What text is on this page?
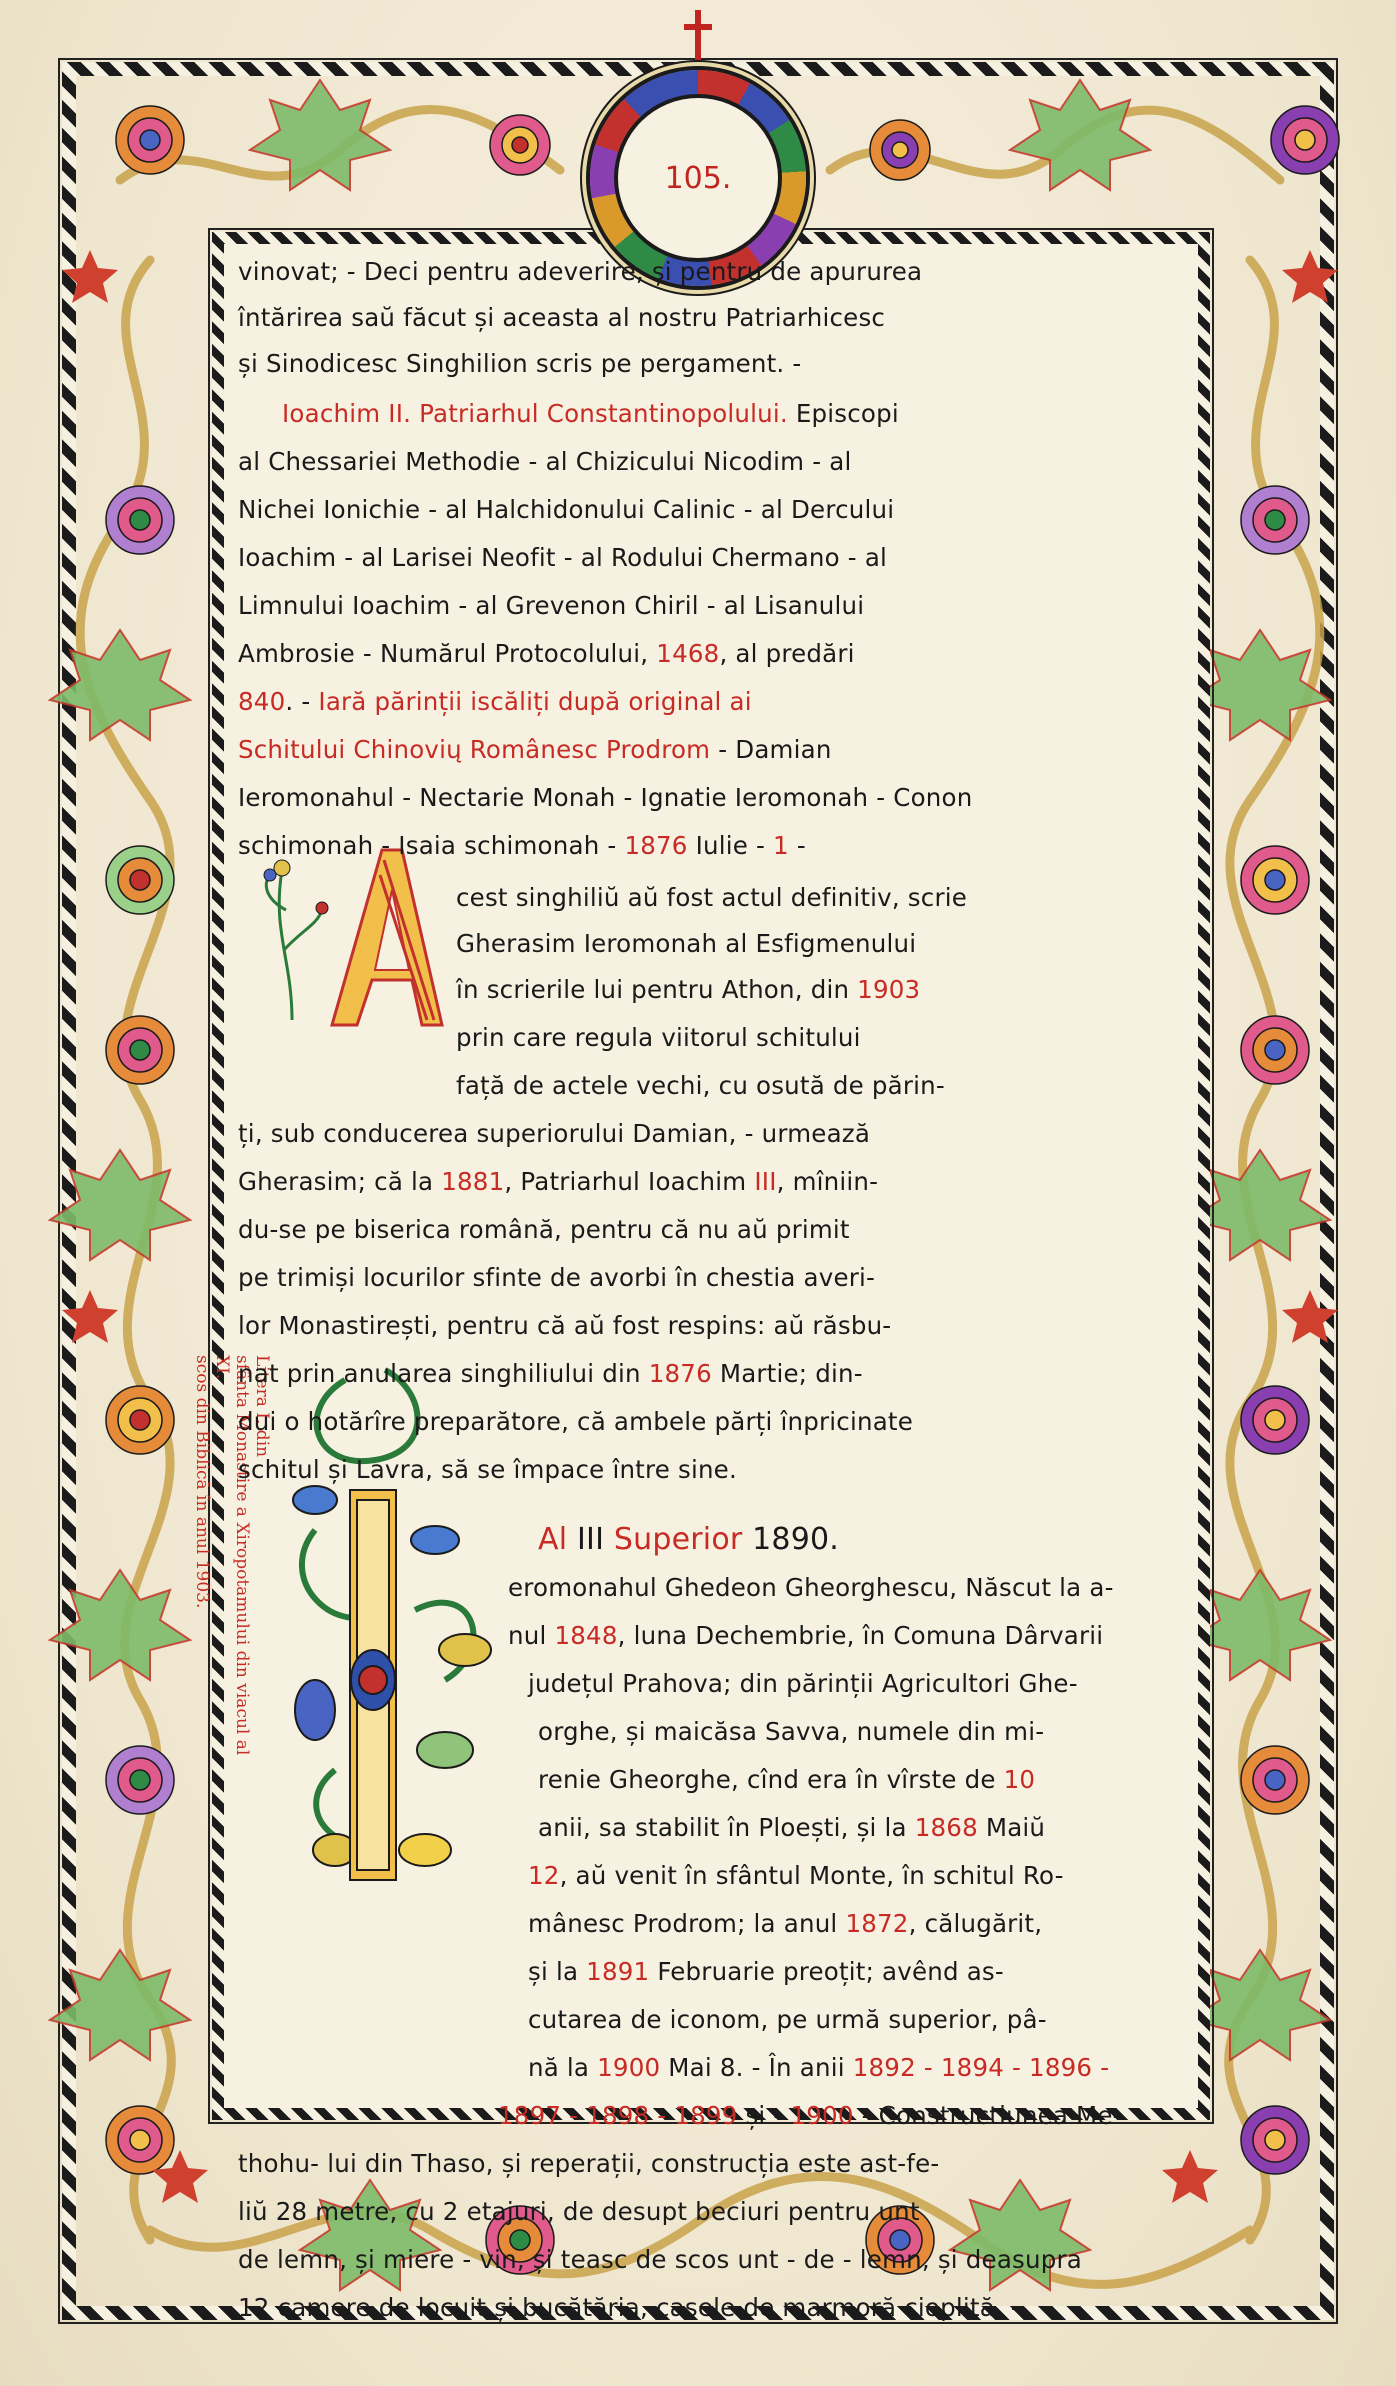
105.
Litera I. din
sfânta Monastire a Xiropotamului din viacul al XI.
scos din Biblică în anul 1903.
vinovat; - Deci pentru adeverire, și pentru de apururea
întărirea saŭ făcut și aceasta al nostru Patriarhicesc
și Sinodicesc Singhilion scris pe pergament. -
Ioachim II. Patriarhul Constantinopolului. Episcopi
al Chessariei Methodie - al Chizicului Nicodim - al
Nichei Ionichie - al Halchidonului Calinic - al Dercului
Ioachim - al Larisei Neofit - al Rodului Chermano - al
Limnului Ioachim - al Grevenon Chiril - al Lisanului
Ambrosie - Numărul Protocolului, 1468, al predări
840. - Iară părinții iscăliți după original ai
Schitului Chinovių Românesc Prodrom - Damian
Ieromonahul - Nectarie Monah - Ignatie Ieromonah - Conon
schimonah - Isaia schimonah - 1876 Iulie - 1 -
cest singhiliŭ aŭ fost actul definitiv, scrie
Gherasim Ieromonah al Esfigmenului
în scrierile lui pentru Athon, din 1903
prin care regula viitorul schitului
față de actele vechi, cu osută de părin-
ți, sub conducerea superiorului Damian, - urmează
Gherasim; că la 1881, Patriarhul Ioachim III, mîniin-
du-se pe biserica română, pentru că nu aŭ primit
pe trimiși locurilor sfinte de avorbi în chestia averi-
lor Monastirești, pentru că aŭ fost respins: aŭ răsbu-
nat prin anularea singhiliului din 1876 Martie; din-
dui o hotărîre preparătore, că ambele părți înpricinate
schitul și Lavra, să se împace între sine.
Al III Superior 1890.
eromonahul Ghedeon Gheorghescu, Născut la a-
nul 1848, luna Dechembrie, în Comuna Dârvarii
județul Prahova; din părinții Agricultori Ghe-
orghe, și maicăsa Savva, numele din mi-
renie Gheorghe, cînd era în vîrste de 10
anii, sa stabilit în Ploești, și la 1868 Maiŭ
12, aŭ venit în sfântul Monte, în schitul Ro-
mânesc Prodrom; la anul 1872, călugărit,
și la 1891 Februarie preoțit; avênd as-
cutarea de iconom, pe urmă superior, pâ-
nă la 1900 Mai 8. - În anii 1892 - 1894 - 1896 -
1897 - 1898 - 1899 și - 1900 - Constructiunea Me-
thohu- lui din Thaso, și reperații, construcția este ast-fe-
liŭ 28 metre, cu 2 etajuri, de desupt beciuri pentru unt
de lemn, și miere - vin, și teasc de scos unt - de - lemn, și deasupra
12 camere de locuit și bucătăria, casele de marmoră cioplită, -
